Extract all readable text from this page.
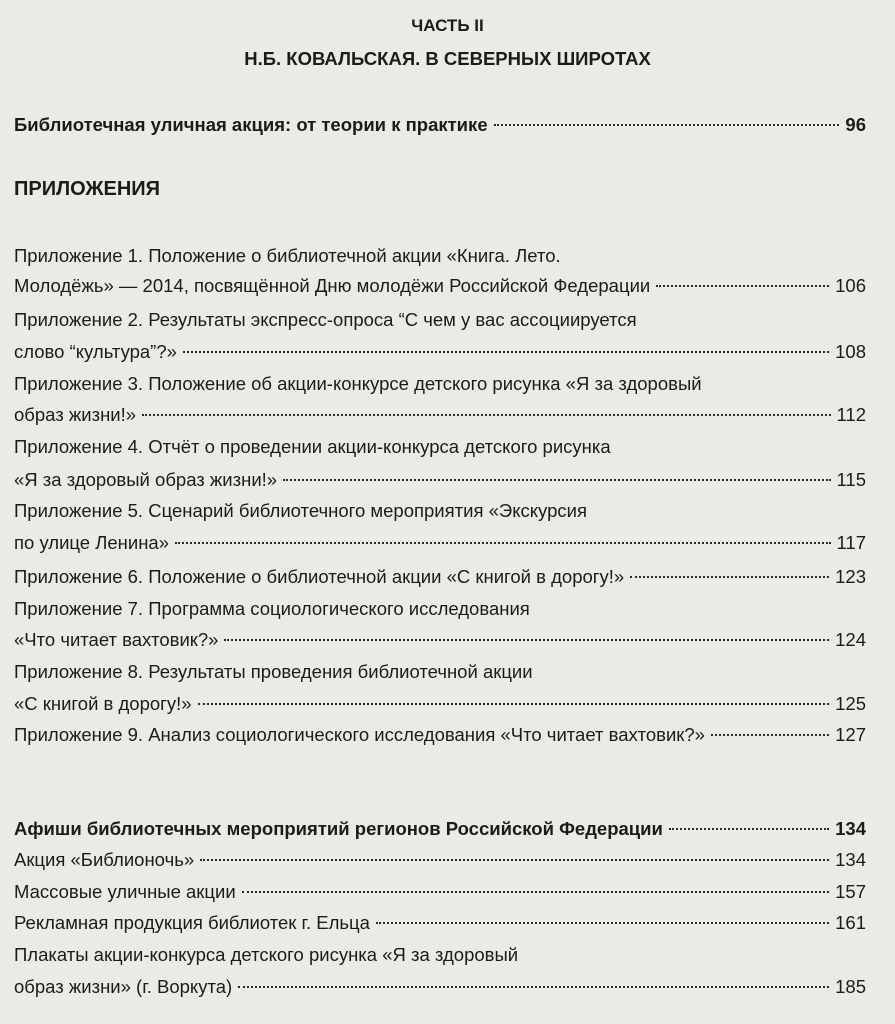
ЧАСТЬ II
Н.Б. КОВАЛЬСКАЯ. В СЕВЕРНЫХ ШИРОТАХ
Библиотечная уличная акция: от теории к практике	96
ПРИЛОЖЕНИЯ
Приложение 1. Положение о библиотечной акции «Книга. Лето.
Молодёжь» — 2014, посвящённой Дню молодёжи Российской Федерации	106
Приложение 2. Результаты экспресс-опроса “С чем у вас ассоциируется
слово “культура”?»	108
Приложение 3. Положение об акции-конкурсе детского рисунка «Я за здоровый
образ жизни!»	112
Приложение 4. Отчёт о проведении акции-конкурса детского рисунка
«Я за здоровый образ жизни!»	115
Приложение 5. Сценарий библиотечного мероприятия «Экскурсия
по улице Ленина»	117
Приложение 6. Положение о библиотечной акции «С книгой в дорогу!»	123
Приложение 7. Программа социологического исследования
«Что читает вахтовик?»	124
Приложение 8. Результаты проведения библиотечной акции
«С книгой в дорогу!»	125
Приложение 9. Анализ социологического исследования «Что читает вахтовик?»	127
Афиши библиотечных мероприятий регионов Российской Федерации	134
Акция «Библионочь»	134
Массовые уличные акции	157
Рекламная продукция библиотек г. Ельца	161
Плакаты акции-конкурса детского рисунка «Я за здоровый
образ жизни» (г. Воркута)	185
